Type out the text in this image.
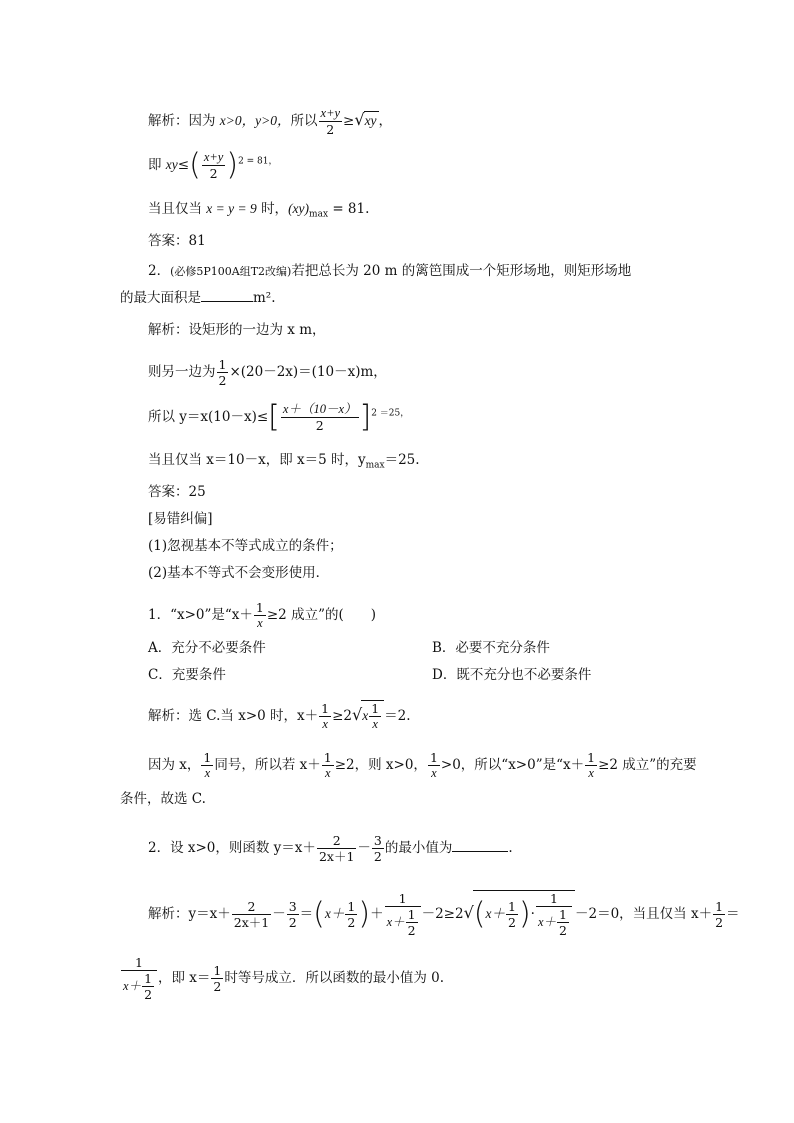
解析：因为 x>0，y>0，所以 $\frac{x+y}{2} \ge√xy$ ，
即 $xy\le( \frac{x+y}{2} )^{2 = 81,}$
当且仅当 x = y = 9 时，$(xy)_{max} = 81$.
答案：81
2．(必修5P100A组T2改编)若把总长为 20 m 的篱笆围成一个矩形场地，则矩形场地
的最大面积是	m².
解析：设矩形的一边为 x m，
则另一边为 $\frac{1}{2} \times(20-2x)=(10-x)m$，
所以 $y=x(10-x)\le[ \frac{x+(10-x)}{2} ]^{2 =25,}$
当且仅当 x＝10－x，即 x＝5 时，$y_{max}=25$.
答案：25
[易错纠偏]
(1)忽视基本不等式成立的条件；
(2)基本不等式不会变形使用．
1．“x>0”是“$x+ \frac{1}{x} \ge 2$ 成立”的(　　)
A．充分不必要条件	B．必要不充分条件
C．充要条件	D．既不充分也不必要条件
解析：选 C.当 x>0 时，$x+ \frac{1}{x} \ge 2√x \frac{1}{x} =2$.
因为 x， $\frac{1}{x}$ 同号，所以若 $x+ \frac{1}{x} \ge 2$，则 x>0， $\frac{1}{x} >0$，所以“x>0”是“$x+ \frac{1}{x} \ge 2$ 成立”的充要
条件，故选 C.
2．设 x>0，则函数 $y=x+ \frac{2}{2x+1} - \frac{3}{2}$ 的最小值为	.
解析：$y=x+ \frac{2}{2x+1} - \frac{3}{2} =(x+ \frac{1}{2}$ )＋ $\frac{1}{x+ \frac{1}{2}} -2\ge 2√(x+ \frac{1}{2}$ )· $\frac{1}{x+ \frac{1}{2}} -2=0$，当且仅当 $x+ \frac{1}{2}$ ＝
$\frac{1}{x+ \frac{1}{2}}$ ，即 $x= \frac{1}{2}$ 时等号成立．所以函数的最小值为 0.
